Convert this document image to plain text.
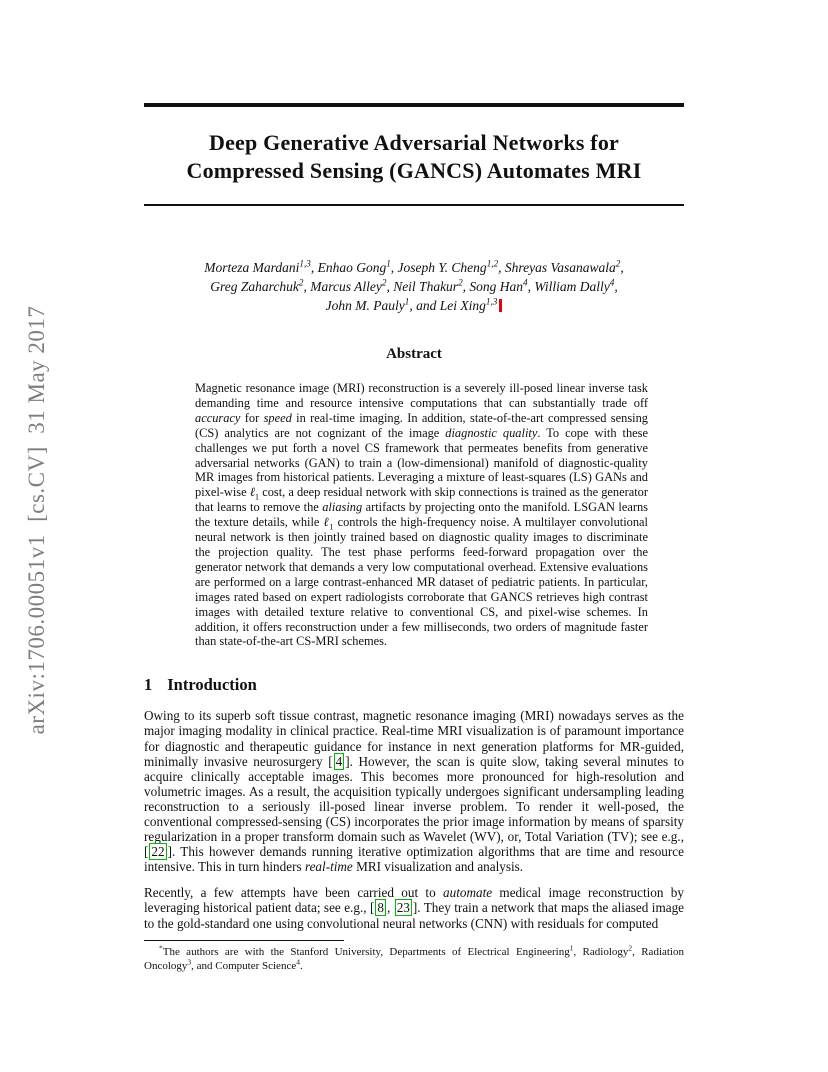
arXiv:1706.00051v1  [cs.CV]  31 May 2017
Deep Generative Adversarial Networks for
Compressed Sensing (GANCS) Automates MRI
Morteza Mardani$^{1,3}$, Enhao Gong$^1$, Joseph Y. Cheng$^{1,2}$, Shreyas Vasanawala$^2$,
Greg Zaharchuk$^2$, Marcus Alley$^2$, Neil Thakur$^2$, Song Han$^4$, William Dally$^4$,
John M. Pauly$^1$, and Lei Xing$^{1,3}$
Abstract

Magnetic resonance image (MRI) reconstruction is a severely ill-posed linear inverse task demanding time and resource intensive computations that can substantially trade off accuracy for speed in real-time imaging. In addition, state-of-the-art compressed sensing (CS) analytics are not cognizant of the image diagnostic quality. To cope with these challenges we put forth a novel CS framework that permeates benefits from generative adversarial networks (GAN) to train a (low-dimensional) manifold of diagnostic-quality MR images from historical patients. Leveraging a mixture of least-squares (LS) GANs and pixel-wise ℓ$_1$ cost, a deep residual network with skip connections is trained as the generator that learns to remove the aliasing artifacts by projecting onto the manifold. LSGAN learns the texture details, while ℓ$_1$ controls the high-frequency noise. A multilayer convolutional neural network is then jointly trained based on diagnostic quality images to discriminate the projection quality. The test phase performs feed-forward propagation over the generator network that demands a very low computational overhead. Extensive evaluations are performed on a large contrast-enhanced MR dataset of pediatric patients. In particular, images rated based on expert radiologists corroborate that GANCS retrieves high contrast images with detailed texture relative to conventional CS, and pixel-wise schemes. In addition, it offers reconstruction under a few milliseconds, two orders of magnitude faster than state-of-the-art CS-MRI schemes.

1 Introduction

Owing to its superb soft tissue contrast, magnetic resonance imaging (MRI) nowadays serves as the major imaging modality in clinical practice. Real-time MRI visualization is of paramount importance for diagnostic and therapeutic guidance for instance in next generation platforms for MR-guided, minimally invasive neurosurgery [ 4 ]. However, the scan is quite slow, taking several minutes to acquire clinically acceptable images. This becomes more pronounced for high-resolution and volumetric images. As a result, the acquisition typically undergoes significant undersampling leading reconstruction to a seriously ill-posed linear inverse problem. To render it well-posed, the conventional compressed-sensing (CS) incorporates the prior image information by means of sparsity regularization in a proper transform domain such as Wavelet (WV), or, Total Variation (TV); see e.g., [ 22 ]. This however demands running iterative optimization algorithms that are time and resource intensive. This in turn hinders real-time MRI visualization and analysis.

Recently, a few attempts have been carried out to automate medical image reconstruction by leveraging historical patient data; see e.g., [ 8 , 23 ]. They train a network that maps the aliased image to the gold-standard one using convolutional neural networks (CNN) with residuals for computed

*The authors are with the Stanford University, Departments of Electrical Engineering$^1$, Radiology$^2$, Radiation Oncology$^3$, and Computer Science$^4$.
